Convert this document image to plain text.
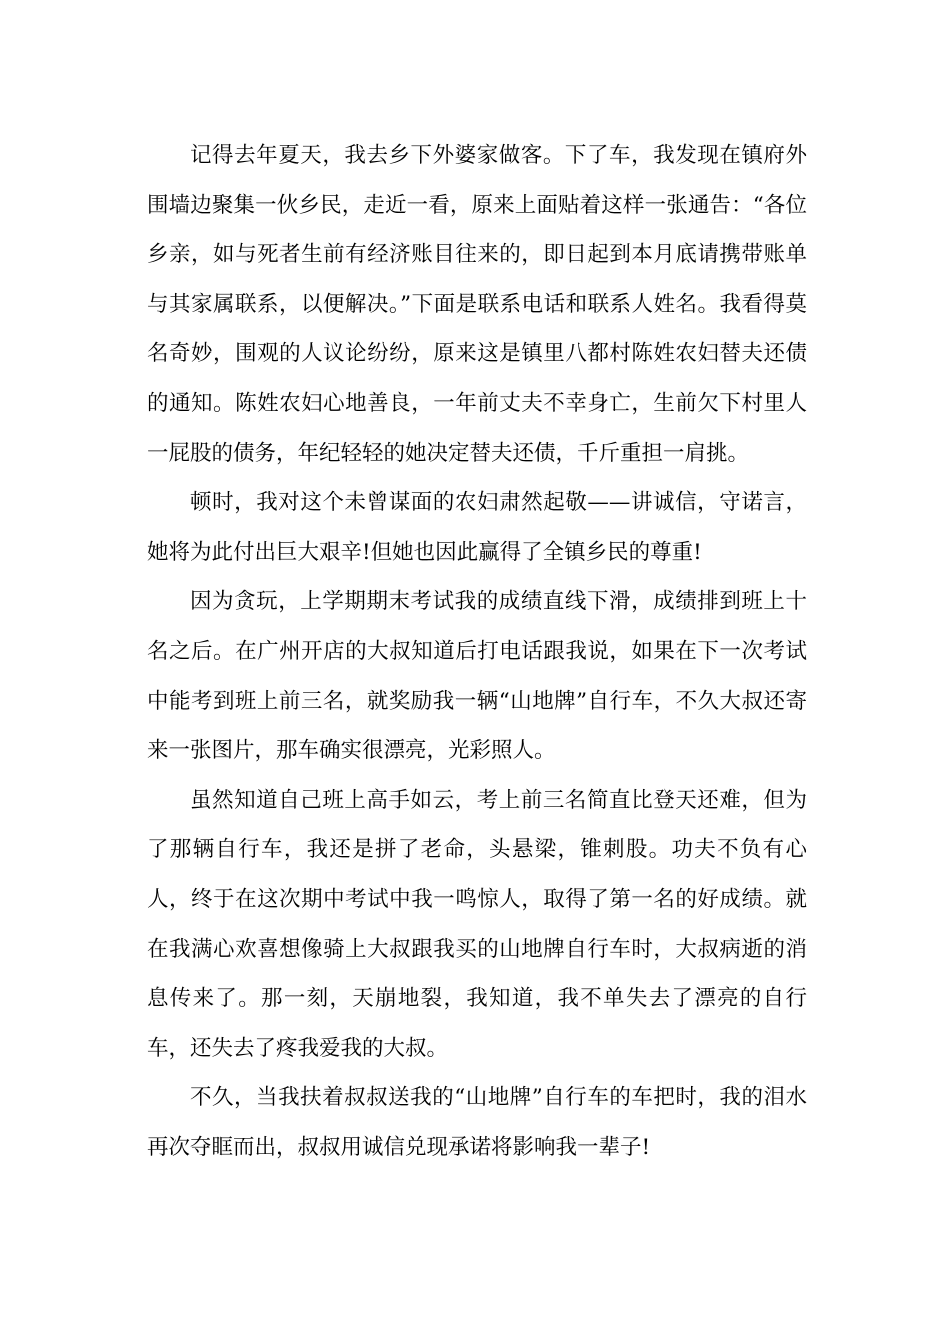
记得去年夏天，我去乡下外婆家做客。下了车，我发现在镇府外围墙边聚集一伙乡民，走近一看，原来上面贴着这样一张通告：“各位乡亲，如与死者生前有经济账目往来的，即日起到本月底请携带账单与其家属联系，以便解决。”下面是联系电话和联系人姓名。我看得莫名奇妙，围观的人议论纷纷，原来这是镇里八都村陈姓农妇替夫还债的通知。陈姓农妇心地善良，一年前丈夫不幸身亡，生前欠下村里人一屁股的债务，年纪轻轻的她决定替夫还债，千斤重担一肩挑。

顿时，我对这个未曾谋面的农妇肃然起敬——讲诚信，守诺言，她将为此付出巨大艰辛!但她也因此赢得了全镇乡民的尊重!

因为贪玩，上学期期末考试我的成绩直线下滑，成绩排到班上十名之后。在广州开店的大叔知道后打电话跟我说，如果在下一次考试中能考到班上前三名，就奖励我一辆“山地牌”自行车，不久大叔还寄来一张图片，那车确实很漂亮，光彩照人。

虽然知道自己班上高手如云，考上前三名简直比登天还难，但为了那辆自行车，我还是拼了老命，头悬梁，锥刺股。功夫不负有心人，终于在这次期中考试中我一鸣惊人，取得了第一名的好成绩。就在我满心欢喜想像骑上大叔跟我买的山地牌自行车时，大叔病逝的消息传来了。那一刻，天崩地裂，我知道，我不单失去了漂亮的自行车，还失去了疼我爱我的大叔。

不久，当我扶着叔叔送我的“山地牌”自行车的车把时，我的泪水再次夺眶而出，叔叔用诚信兑现承诺将影响我一辈子!
